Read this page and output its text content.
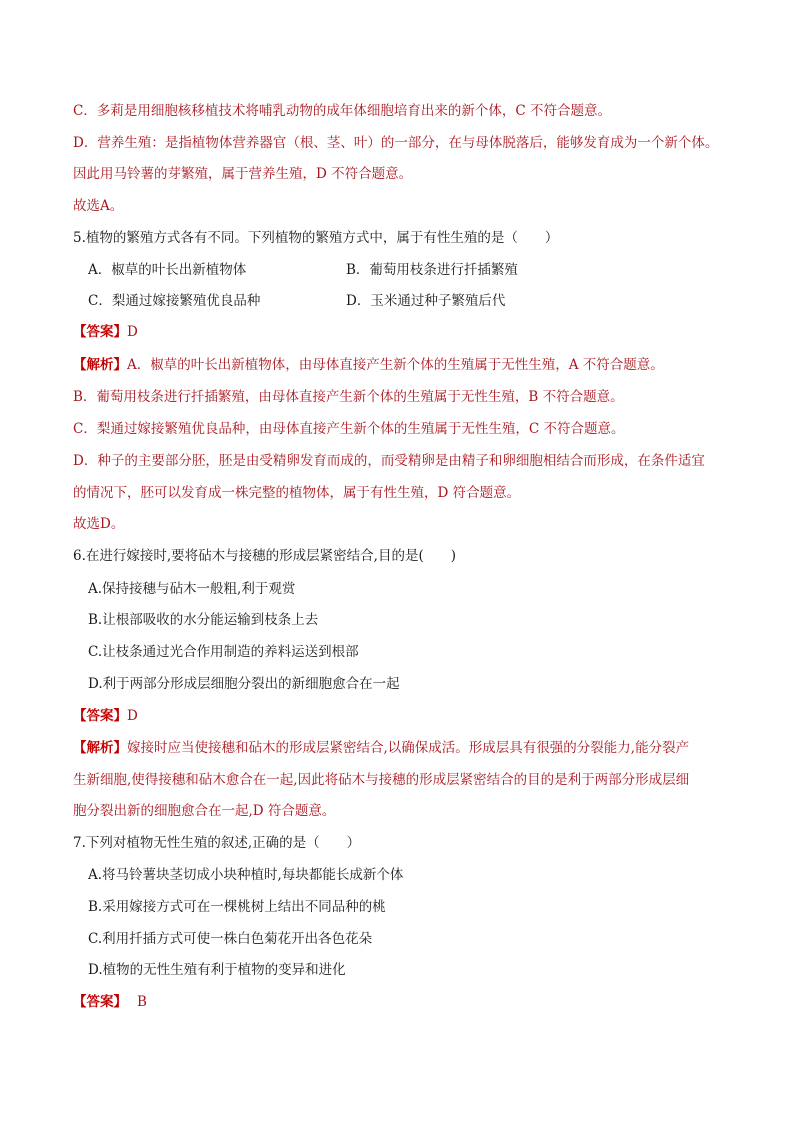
C．多莉是用细胞核移植技术将哺乳动物的成年体细胞培育出来的新个体，C 不符合题意。
D．营养生殖：是指植物体营养器官（根、茎、叶）的一部分，在与母体脱落后，能够发育成为一个新个体。
因此用马铃薯的芽繁殖，属于营养生殖，D 不符合题意。
故选A。
5.植物的繁殖方式各有不同。下列植物的繁殖方式中，属于有性生殖的是（　　）
A．椒草的叶长出新植物体	B．葡萄用枝条进行扦插繁殖
C．梨通过嫁接繁殖优良品种	D．玉米通过种子繁殖后代
【答案】D
【解析】A．椒草的叶长出新植物体，由母体直接产生新个体的生殖属于无性生殖，A 不符合题意。
B．葡萄用枝条进行扦插繁殖，由母体直接产生新个体的生殖属于无性生殖，B 不符合题意。
C．梨通过嫁接繁殖优良品种，由母体直接产生新个体的生殖属于无性生殖，C 不符合题意。
D．种子的主要部分胚，胚是由受精卵发育而成的，而受精卵是由精子和卵细胞相结合而形成，在条件适宜
的情况下，胚可以发育成一株完整的植物体，属于有性生殖，D 符合题意。
故选D。
6.在进行嫁接时,要将砧木与接穗的形成层紧密结合,目的是(　　)
A.保持接穗与砧木一般粗,利于观赏
B.让根部吸收的水分能运输到枝条上去
C.让枝条通过光合作用制造的养料运送到根部
D.利于两部分形成层细胞分裂出的新细胞愈合在一起
【答案】D
【解析】嫁接时应当使接穗和砧木的形成层紧密结合,以确保成活。形成层具有很强的分裂能力,能分裂产
生新细胞,使得接穗和砧木愈合在一起,因此将砧木与接穗的形成层紧密结合的目的是利于两部分形成层细
胞分裂出新的细胞愈合在一起,D 符合题意。
7.下列对植物无性生殖的叙述,正确的是（　　）
A.将马铃薯块茎切成小块种植时,每块都能长成新个体
B.采用嫁接方式可在一棵桃树上结出不同品种的桃
C.利用扦插方式可使一株白色菊花开出各色花朵
D.植物的无性生殖有利于植物的变异和进化
【答案】 B
